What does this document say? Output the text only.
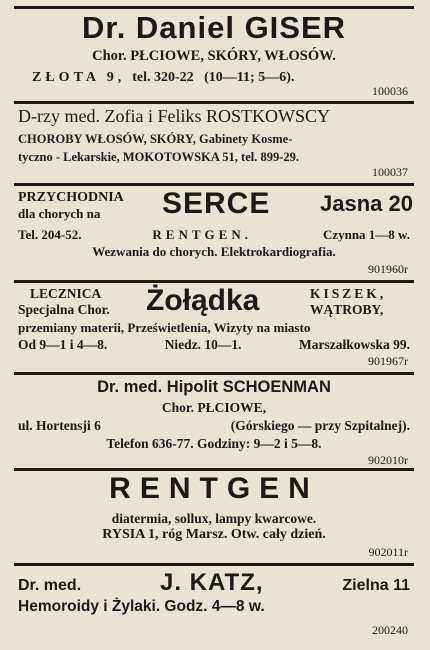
Dr. Daniel GISER
Chor. PŁCIOWE, SKÓRY, WŁOSÓW.
ZŁOTA 9, tel. 320-22 (10—11; 5—6).
100036
D-rzy med. Zofia i Feliks ROSTKOWSCY
CHOROBY WŁOSÓW, SKÓRY, Gabinety Kosme-
tyczno - Lekarskie, MOKOTOWSKA 51, tel. 899-29.
100037
PRZYCHODNIA
dla chorych na	SERCE	Jasna 20
Tel. 204-52.	RENTGEN.	Czynna 1—8 w.
Wezwania do chorych. Elektrokardiografia.
901960r
LECZNICA
Specjalna Chor.	Żołądka	KISZEK,
WĄTROBY,
przemiany materii, Prześwietlenia, Wizyty na miasto
Od 9—1 i 4—8.	Niedz. 10—1.	Marszałkowska 99.
901967r
Dr. med. Hipolit SCHOENMAN
Chor. PŁCIOWE,
ul. Hortensji 6	(Górskiego — przy Szpitalnej).
Telefon 636-77. Godziny: 9—2 i 5—8.
902010r
RENTGEN
diatermia, sollux, lampy kwarcowe.
RYSIA 1, róg Marsz. Otw. cały dzień.
902011r
Dr. med.	J. KATZ,	Zielna 11
Hemoroidy i Żylaki. Godz. 4—8 w.
200240
